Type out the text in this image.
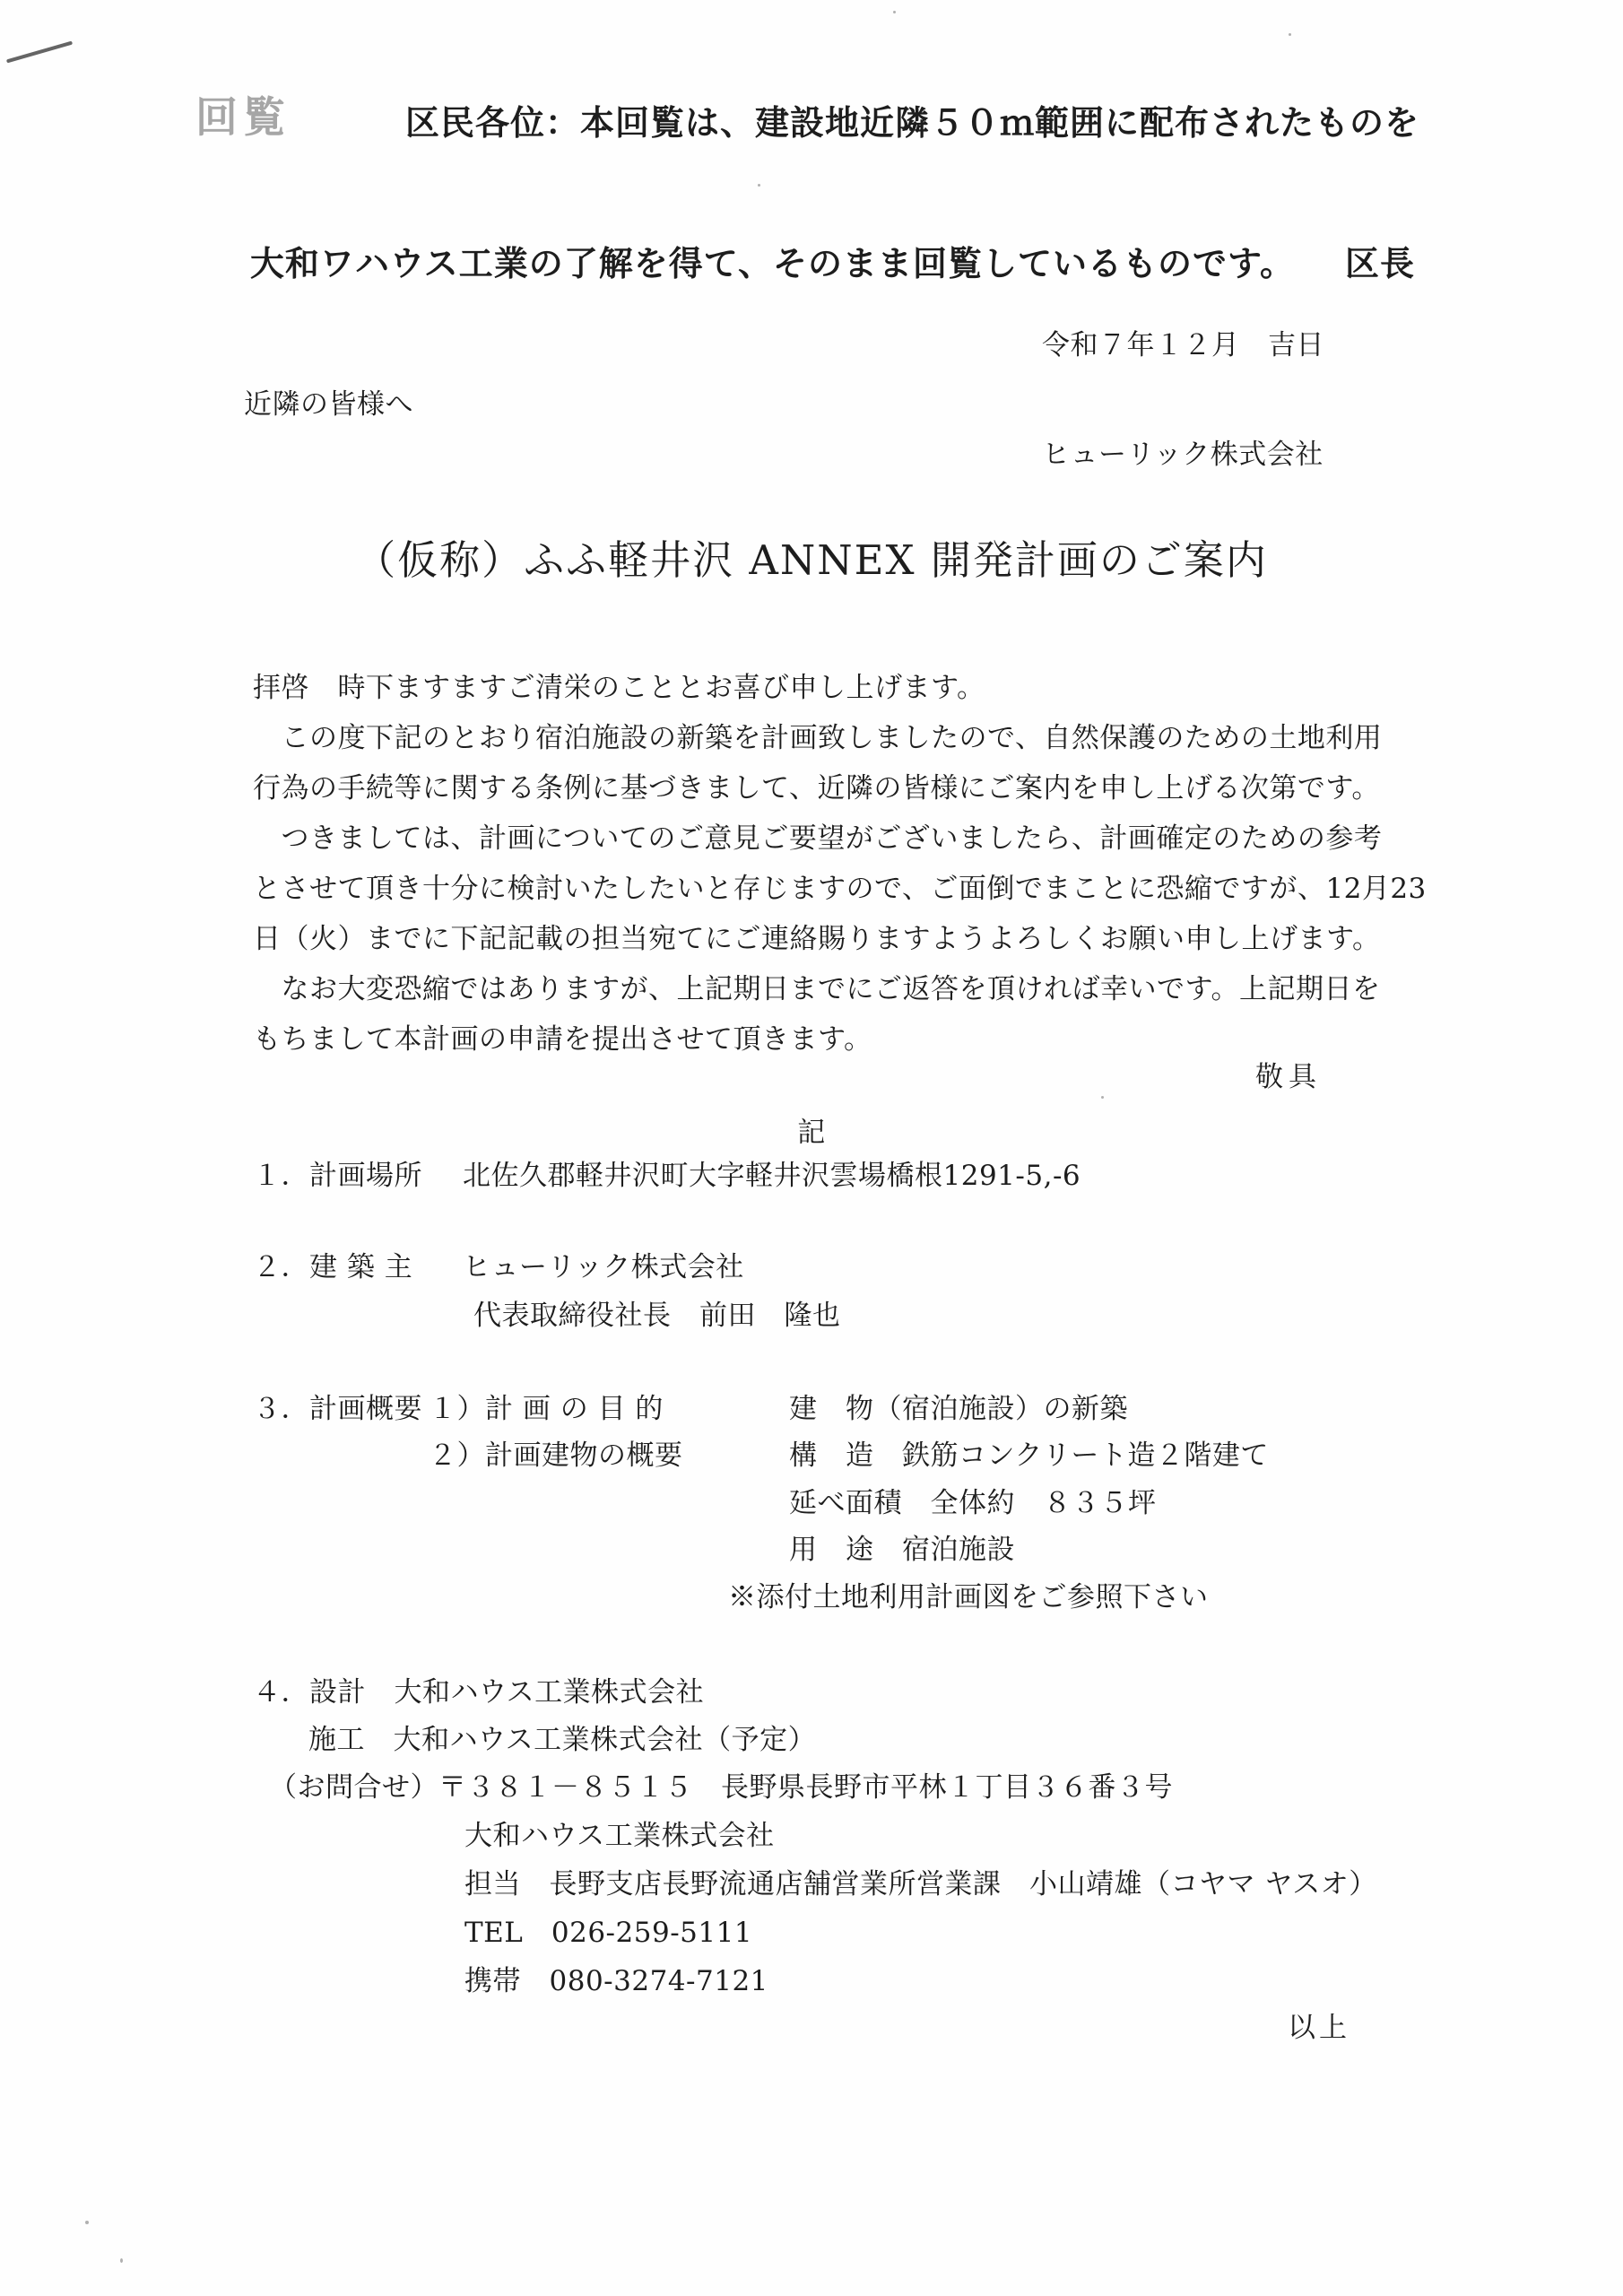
回覧	区民各位：本回覧は、建設地近隣５０ｍ範囲に配布されたものを

大和ワハウス工業の了解を得て、そのまま回覧しているものです。 区長

令和７年１２月　吉日
近隣の皆様へ
ヒューリック株式会社
（仮称）ふふ軽井沢 ANNEX 開発計画のご案内
拝啓　時下ますますご清栄のこととお喜び申し上げます。
　この度下記のとおり宿泊施設の新築を計画致しましたので、自然保護のための土地利用
行為の手続等に関する条例に基づきまして、近隣の皆様にご案内を申し上げる次第です。
　つきましては、計画についてのご意見ご要望がございましたら、計画確定のための参考
とさせて頂き十分に検討いたしたいと存じますので、ご面倒でまことに恐縮ですが、12月23
日（火）までに下記記載の担当宛てにご連絡賜りますようよろしくお願い申し上げます。
　なお大変恐縮ではありますが、上記期日までにご返答を頂ければ幸いです。上記期日を
もちまして本計画の申請を提出させて頂きます。
敬具
記
１．計画場所 北佐久郡軽井沢町大字軽井沢雲場橋根1291-5,-6
２．建 築 主 ヒューリック株式会社
代表取締役社長　前田　隆也
３．計画概要 １）計 画 の 目 的	建　物（宿泊施設）の新築
２）計画建物の概要	構　造　鉄筋コンクリート造２階建て
延べ面積　全体約　８３５坪
用　途　宿泊施設
※添付土地利用計画図をご参照下さい
４． 設計　大和ハウス工業株式会社
施工　大和ハウス工業株式会社（予定）
（お問合せ）〒３８１－８５１５　長野県長野市平林１丁目３６番３号
大和ハウス工業株式会社
担当　長野支店長野流通店舗営業所営業課　小山靖雄（コヤマ ヤスオ）
TEL　026-259-5111
携帯　080-3274-7121
以上
